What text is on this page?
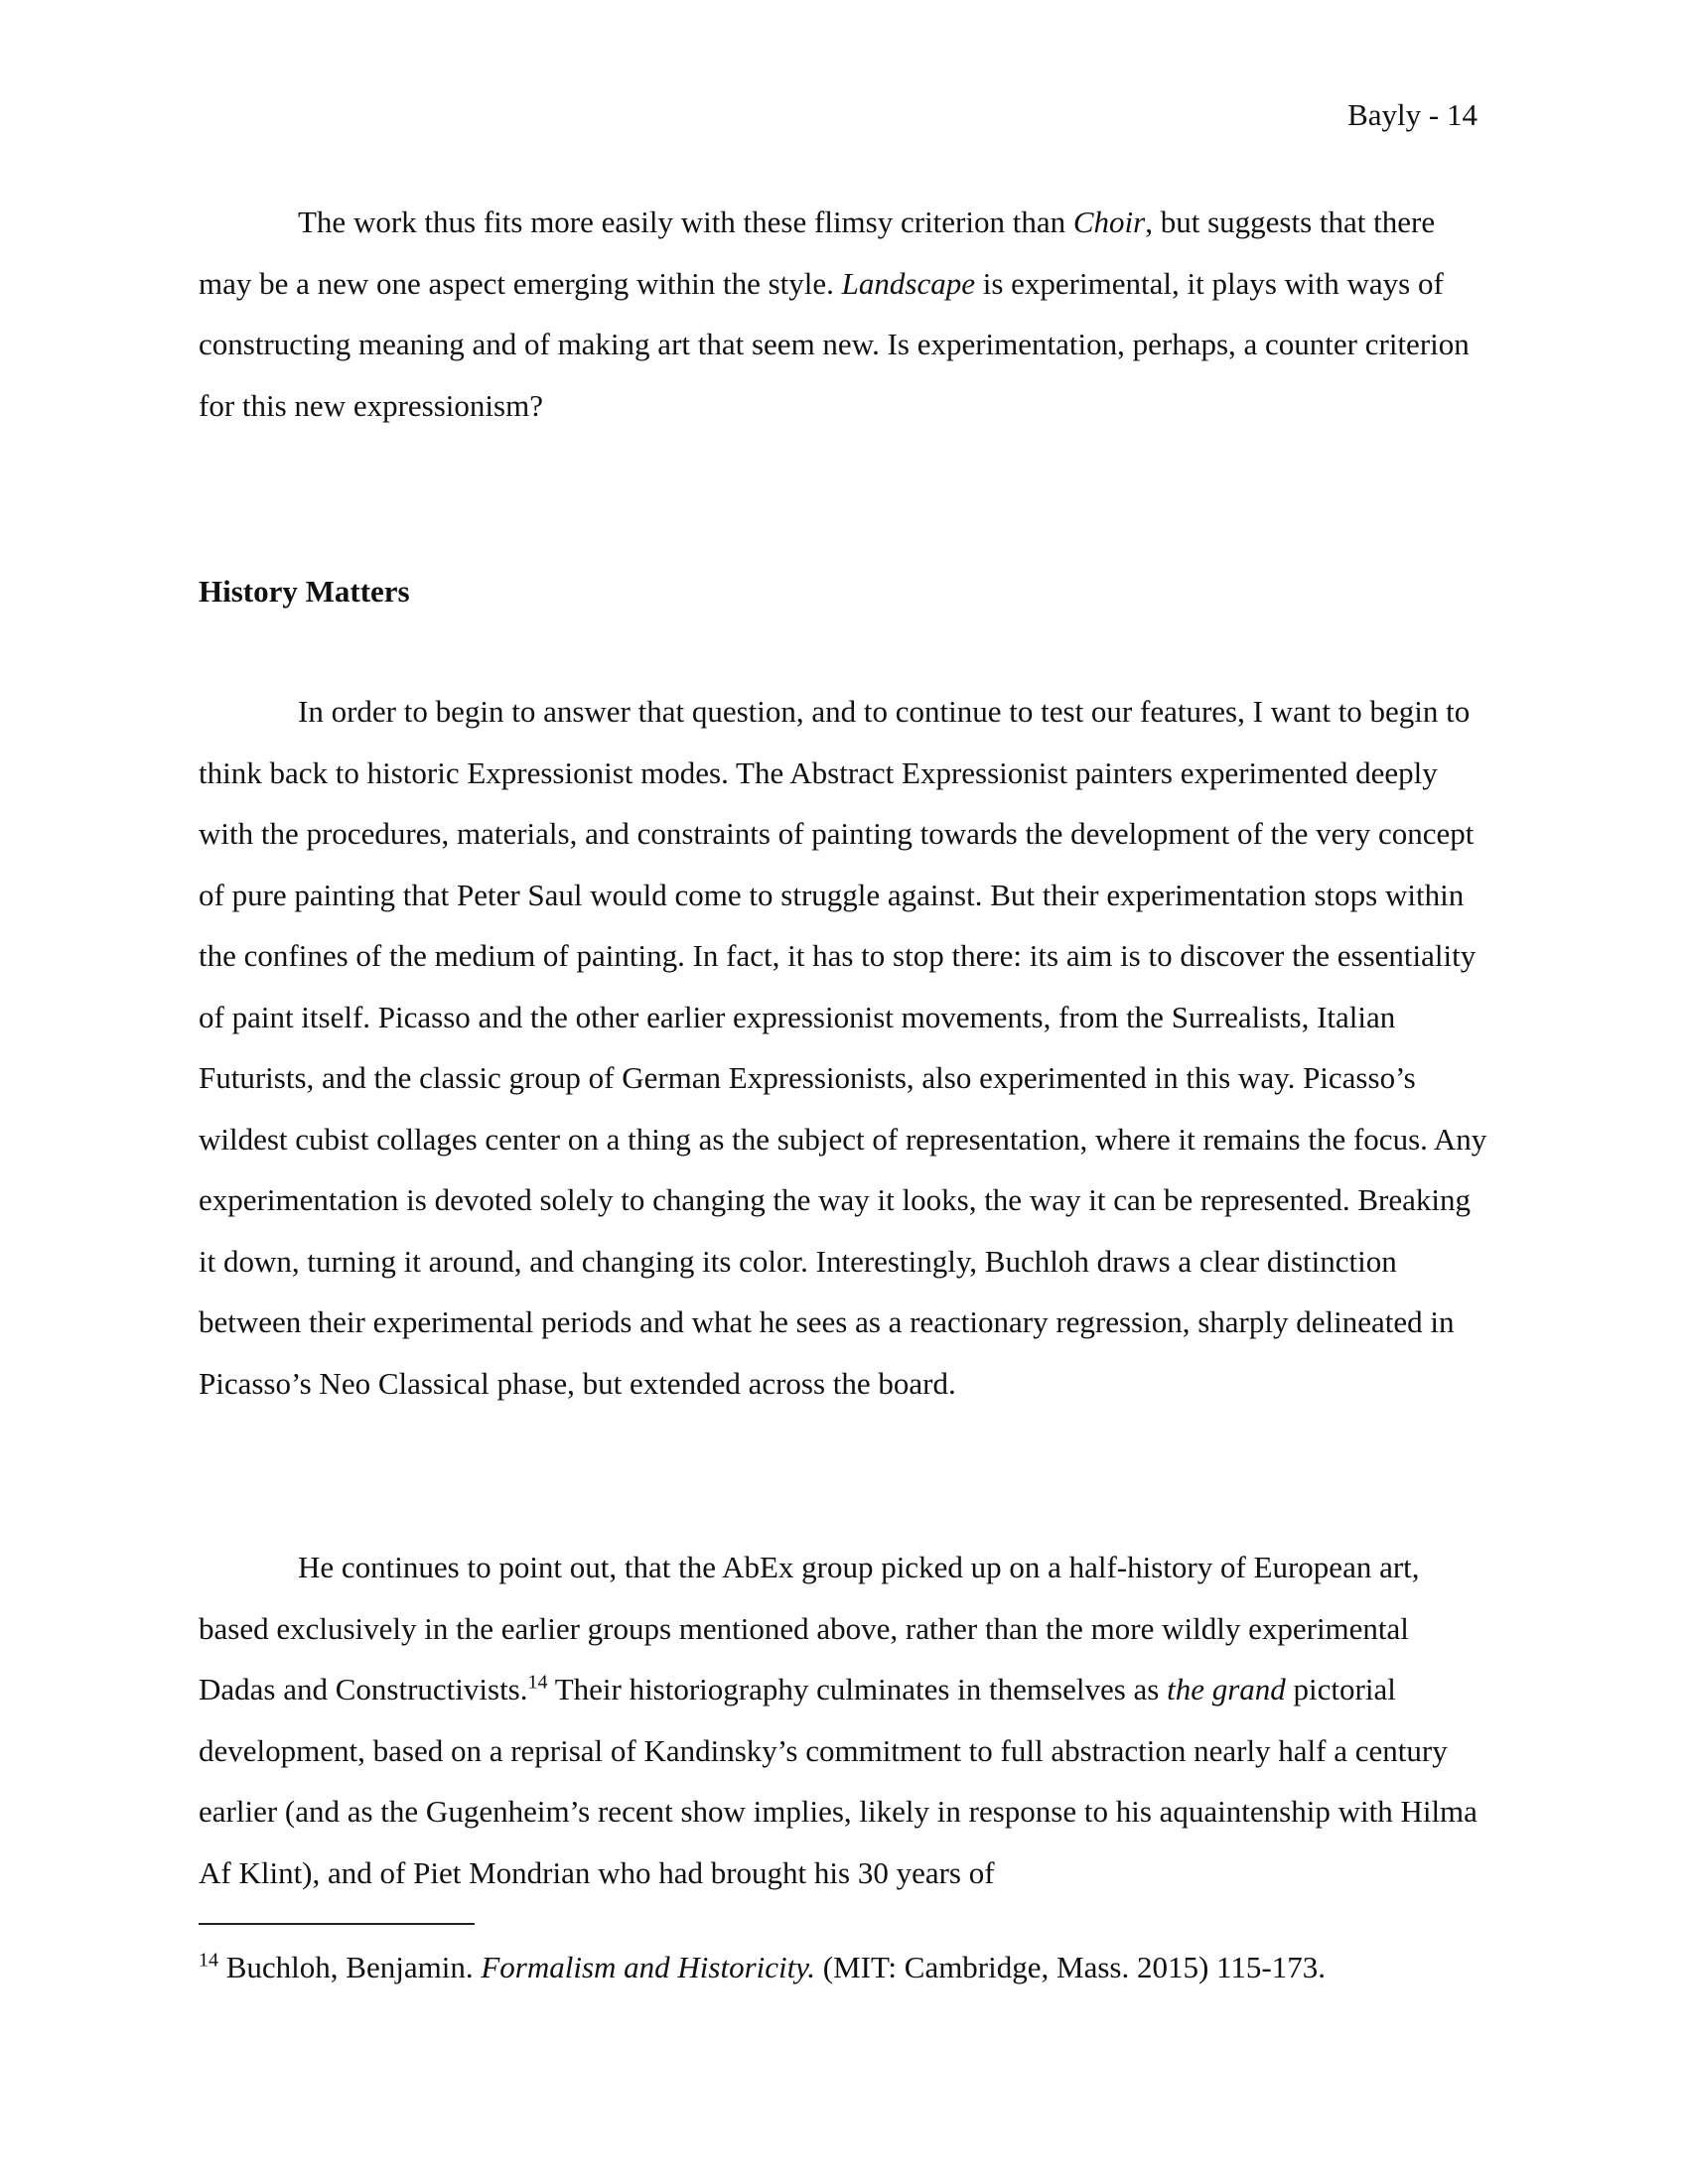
Bayly - 14

The work thus fits more easily with these flimsy criterion than Choir, but suggests that there may be a new one aspect emerging within the style. Landscape is experimental, it plays with ways of constructing meaning and of making art that seem new. Is experimentation, perhaps, a counter criterion for this new expressionism?

History Matters

In order to begin to answer that question, and to continue to test our features, I want to begin to think back to historic Expressionist modes. The Abstract Expressionist painters experimented deeply with the procedures, materials, and constraints of painting towards the development of the very concept of pure painting that Peter Saul would come to struggle against. But their experimentation stops within the confines of the medium of painting. In fact, it has to stop there: its aim is to discover the essentiality of paint itself. Picasso and the other earlier expressionist movements, from the Surrealists, Italian Futurists, and the classic group of German Expressionists, also experimented in this way. Picasso’s wildest cubist collages center on a thing as the subject of representation, where it remains the focus. Any experimentation is devoted solely to changing the way it looks, the way it can be represented. Breaking it down, turning it around, and changing its color. Interestingly, Buchloh draws a clear distinction between their experimental periods and what he sees as a reactionary regression, sharply delineated in Picasso’s Neo Classical phase, but extended across the board.

He continues to point out, that the AbEx group picked up on a half-history of European art, based exclusively in the earlier groups mentioned above, rather than the more wildly experimental Dadas and Constructivists.$^{14}$ Their historiography culminates in themselves as the grand pictorial development, based on a reprisal of Kandinsky’s commitment to full abstraction nearly half a century earlier (and as the Gugenheim’s recent show implies, likely in response to his aquaintenship with Hilma Af Klint), and of Piet Mondrian who had brought his 30 years of

$^{14}$ Buchloh, Benjamin. Formalism and Historicity. (MIT: Cambridge, Mass. 2015) 115-173.
